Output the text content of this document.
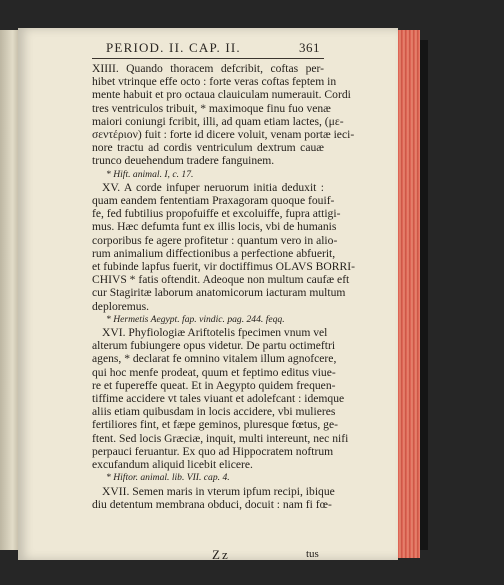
PERIOD. II. CAP. II.	361
XIIII. Quando thoracem defcribit, coftas per-
hibet vtrinque effe octo : forte veras coftas feptem in
mente habuit et pro octaua clauiculam numerauit. Cordi
tres ventriculos tribuit, * maximoque finu fuo venæ
maiori coniungi fcribit, illi, ad quam etiam lactes, (με-
σεντέριον) fuit : forte id dicere voluit, venam portæ ieci-
nore tractu ad cordis ventriculum dextrum cauæ
trunco deuehendum tradere fanguinem.
* Hift. animal. I, c. 17.
XV. A corde infuper neruorum initia deduxit :
quam eandem fententiam Praxagoram quoque fouif-
fe, fed fubtilius propofuiffe et excoluiffe, fupra attigi-
mus. Hæc defumta funt ex illis locis, vbi de humanis
corporibus fe agere profitetur : quantum vero in alio-
rum animalium diffectionibus a perfectione abfuerit,
et fubinde lapfus fuerit, vir doctiffimus OLAVS BORRI-
CHIVS * fatis oftendit. Adeoque non multum caufæ eft
cur Stagiritæ laborum anatomicorum iacturam multum
deploremus.
* Hermetis Aegypt. fap. vindic. pag. 244. feqq.
XVI. Phyfiologiæ Ariftotelis fpecimen vnum vel
alterum fubiungere opus videtur. De partu octimeftri
agens, * declarat fe omnino vitalem illum agnofcere,
qui hoc menfe prodeat, quum et feptimo editus viue-
re et fupereffe queat. Et in Aegypto quidem frequen-
tiffime accidere vt tales viuant et adolefcant : idemque
aliis etiam quibusdam in locis accidere, vbi mulieres
fertiliores fint, et fæpe geminos, pluresque fœtus, ge-
ftent. Sed locis Græciæ, inquit, multi intereunt, nec nifi
perpauci feruantur. Ex quo ad Hippocratem noftrum
excufandum aliquid licebit elicere.
* Hiftor. animal. lib. VII. cap. 4.
XVII. Semen maris in vterum ipfum recipi, ibique
diu detentum membrana obduci, docuit : nam fi fœ-
Zz	tus
